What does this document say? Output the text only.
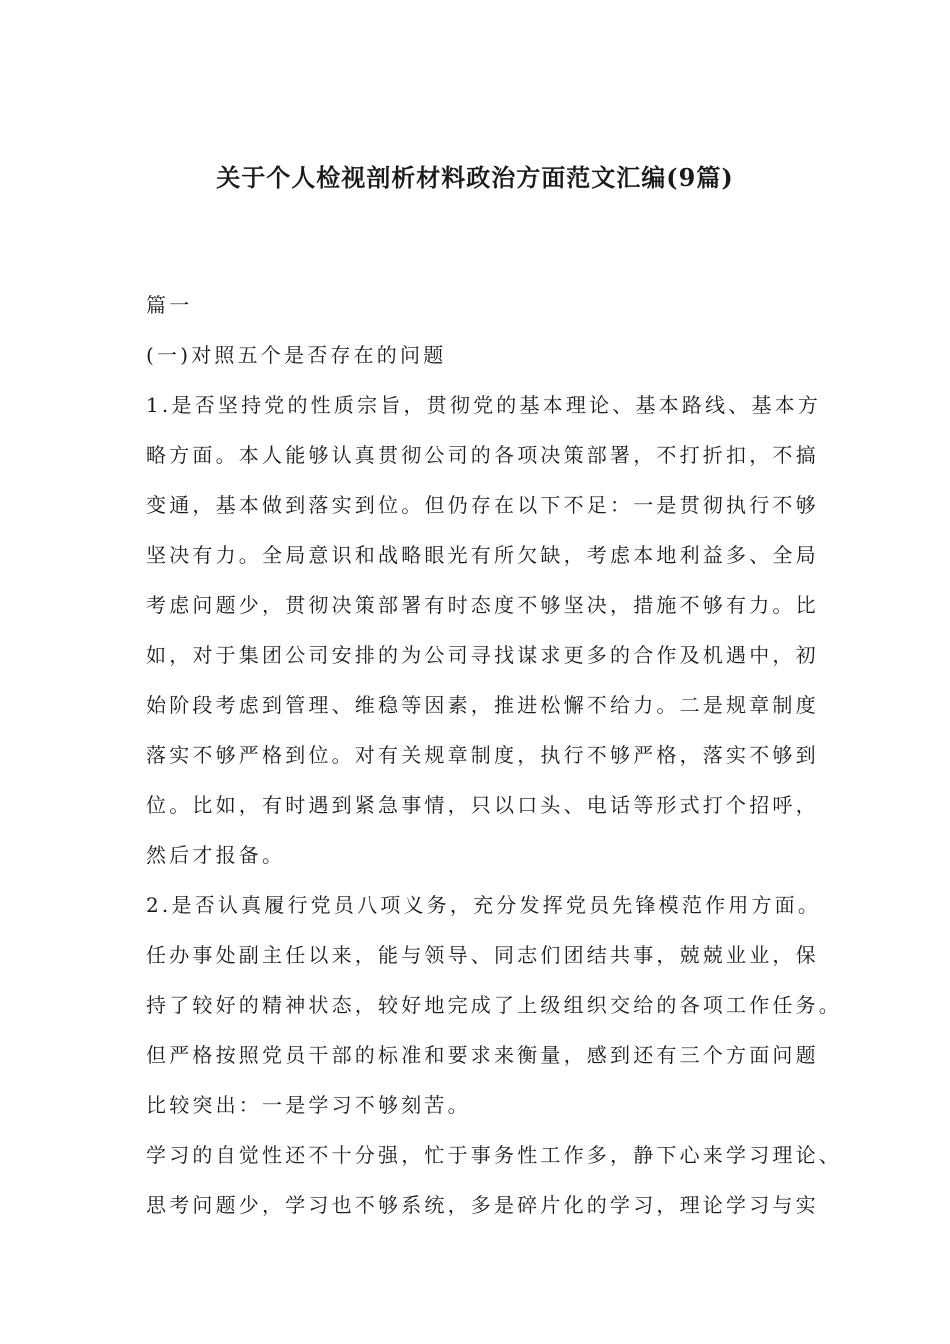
关于个人检视剖析材料政治方面范文汇编(9篇)

篇一

(一)对照五个是否存在的问题

1.是否坚持党的性质宗旨，贯彻党的基本理论、基本路线、基本方

略方面。本人能够认真贯彻公司的各项决策部署，不打折扣，不搞

变通，基本做到落实到位。但仍存在以下不足：一是贯彻执行不够

坚决有力。全局意识和战略眼光有所欠缺，考虑本地利益多、全局

考虑问题少，贯彻决策部署有时态度不够坚决，措施不够有力。比

如，对于集团公司安排的为公司寻找谋求更多的合作及机遇中，初

始阶段考虑到管理、维稳等因素，推进松懈不给力。二是规章制度

落实不够严格到位。对有关规章制度，执行不够严格，落实不够到

位。比如，有时遇到紧急事情，只以口头、电话等形式打个招呼，

然后才报备。

2.是否认真履行党员八项义务，充分发挥党员先锋模范作用方面。

任办事处副主任以来，能与领导、同志们团结共事，兢兢业业，保

持了较好的精神状态，较好地完成了上级组织交给的各项工作任务。

但严格按照党员干部的标准和要求来衡量，感到还有三个方面问题

比较突出：一是学习不够刻苦。

学习的自觉性还不十分强，忙于事务性工作多，静下心来学习理论、

思考问题少，学习也不够系统，多是碎片化的学习，理论学习与实
